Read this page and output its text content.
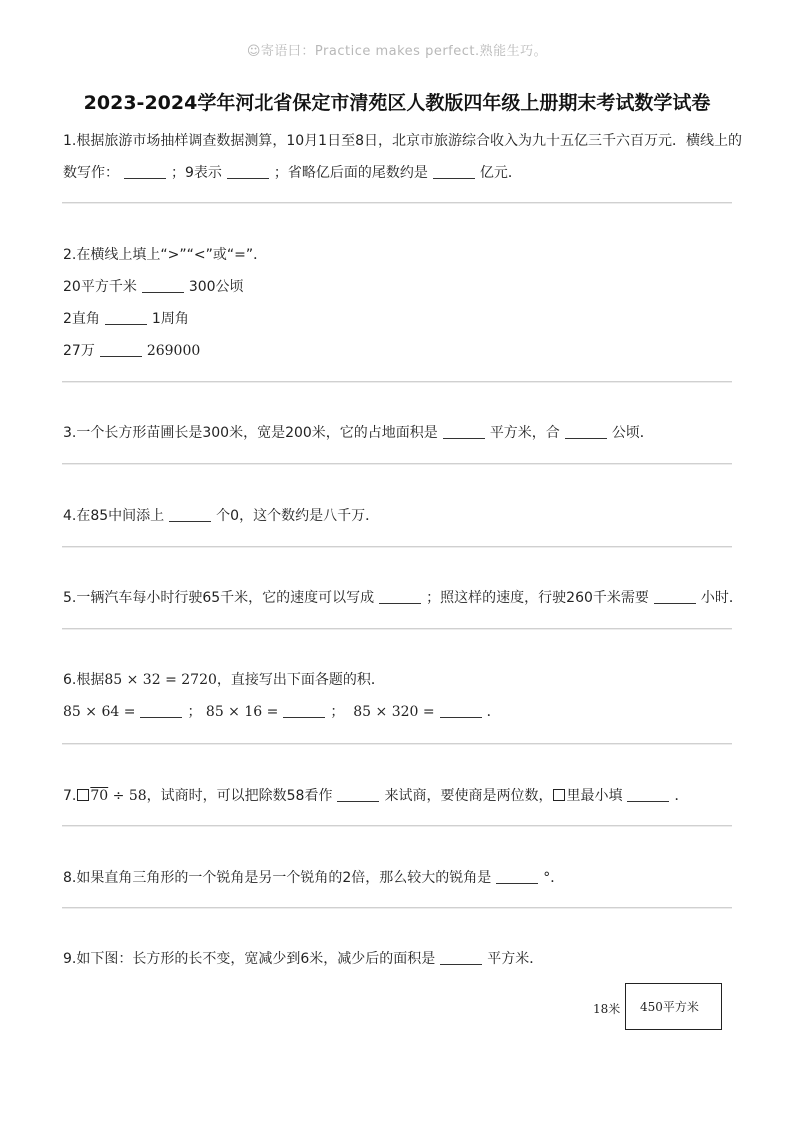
☺寄语曰：Practice makes perfect.熟能生巧。
2023-2024学年河北省保定市清苑区人教版四年级上册期末考试数学试卷

1.根据旅游市场抽样调查数据测算，10月1日至8日，北京市旅游综合收入为九十五亿三千六百万元．横线上的

数写作：	；9表示	；省略亿后面的尾数约是	亿元．

2.在横线上填上“>”“<”或“=”．

20平方千米	300公顷

2直角	1周角

27万	269000

3.一个长方形苗圃长是300米，宽是200米，它的占地面积是	平方米，合	公顷．

4.在85中间添上	个0，这个数约是八千万．

5.一辆汽车每小时行驶65千米，它的速度可以写成	；照这样的速度，行驶260千米需要	小时．

6.根据85 × 32 = 2720，直接写出下面各题的积．

85 × 64 =	； 85 × 16 =	； 85 × 320 =	．

7. 70 ÷ 58，试商时，可以把除数58看作	来试商，要使商是两位数， 里最小填	．

8.如果直角三角形的一个锐角是另一个锐角的2倍，那么较大的锐角是	°．

9.如下图：长方形的长不变，宽减少到6米，减少后的面积是	平方米．

18米	450平方米
